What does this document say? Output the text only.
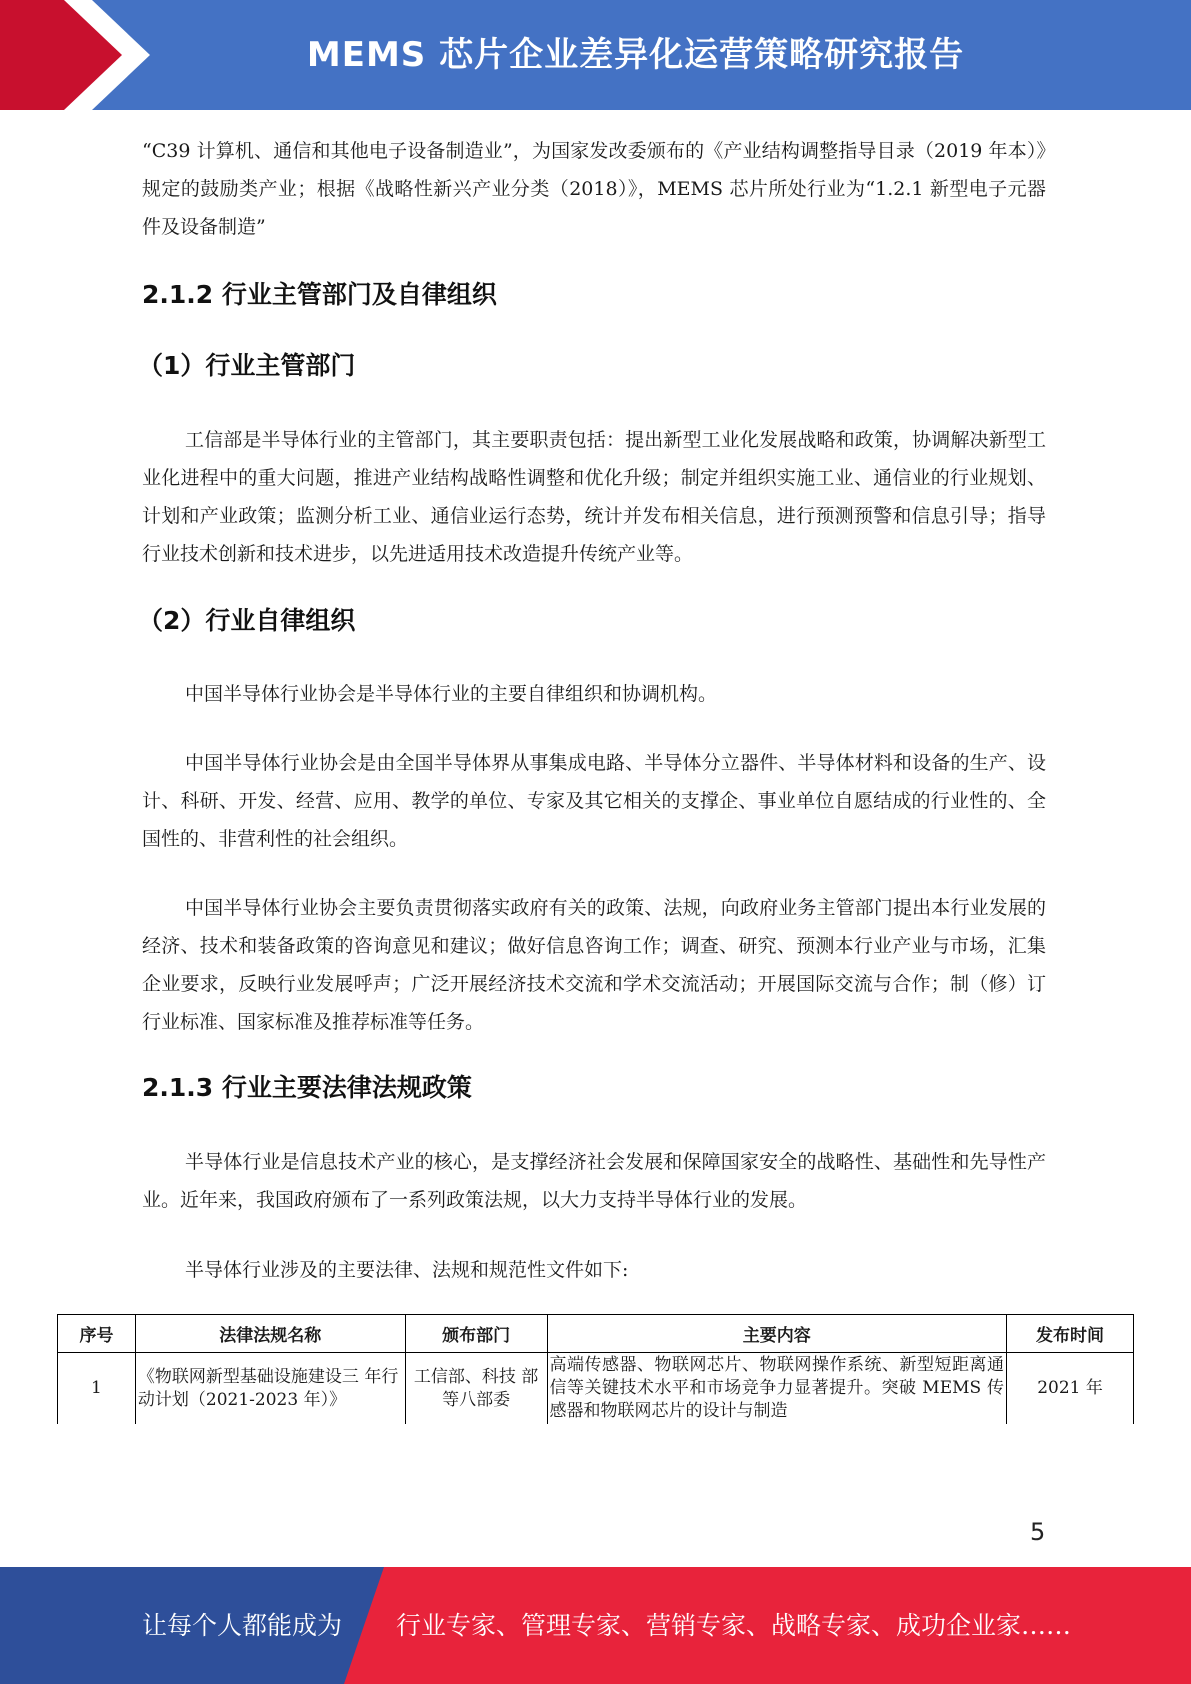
MEMS 芯片企业差异化运营策略研究报告

“C39 计算机、通信和其他电子设备制造业”，为国家发改委颁布的《产业结构调整指导目录（2019 年本）》规定的鼓励类产业；根据《战略性新兴产业分类（2018）》，MEMS 芯片所处行业为“1.2.1 新型电子元器件及设备制造”

2.1.2 行业主管部门及自律组织
（1）行业主管部门

工信部是半导体行业的主管部门，其主要职责包括：提出新型工业化发展战略和政策，协调解决新型工业化进程中的重大问题，推进产业结构战略性调整和优化升级；制定并组织实施工业、通信业的行业规划、计划和产业政策；监测分析工业、通信业运行态势，统计并发布相关信息，进行预测预警和信息引导；指导行业技术创新和技术进步，以先进适用技术改造提升传统产业等。

（2）行业自律组织

中国半导体行业协会是半导体行业的主要自律组织和协调机构。

中国半导体行业协会是由全国半导体界从事集成电路、半导体分立器件、半导体材料和设备的生产、设计、科研、开发、经营、应用、教学的单位、专家及其它相关的支撑企、事业单位自愿结成的行业性的、全国性的、非营利性的社会组织。

中国半导体行业协会主要负责贯彻落实政府有关的政策、法规，向政府业务主管部门提出本行业发展的经济、技术和装备政策的咨询意见和建议；做好信息咨询工作；调查、研究、预测本行业产业与市场，汇集企业要求，反映行业发展呼声；广泛开展经济技术交流和学术交流活动；开展国际交流与合作；制（修）订行业标准、国家标准及推荐标准等任务。

2.1.3 行业主要法律法规政策

半导体行业是信息技术产业的核心，是支撑经济社会发展和保障国家安全的战略性、基础性和先导性产业。近年来，我国政府颁布了一系列政策法规，以大力支持半导体行业的发展。

半导体行业涉及的主要法律、法规和规范性文件如下:

序号	法律法规名称	颁布部门	主要内容	发布时间
1	《物联网新型基础设施建设三 年行动计划（2021-2023 年）》	工信部、科技 部等八部委	高端传感器、物联网芯片、物联网操作系统、新型短距离通信等关键技术水平和市场竞争力显著提升。突破 MEMS 传感器和物联网芯片的设计与制造	2021 年
5
让每个人都能成为 行业专家、管理专家、营销专家、战略专家、成功企业家……
